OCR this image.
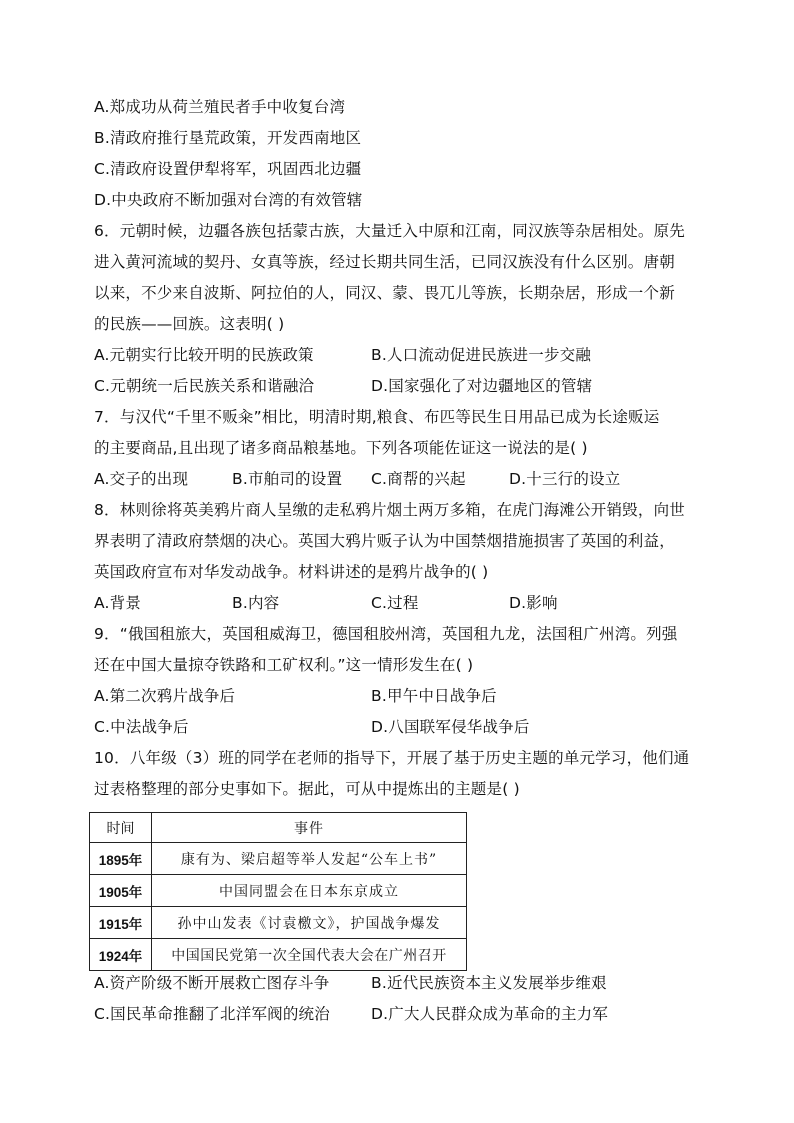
A.郑成功从荷兰殖民者手中收复台湾
B.清政府推行垦荒政策，开发西南地区
C.清政府设置伊犁将军，巩固西北边疆
D.中央政府不断加强对台湾的有效管辖
6．元朝时候，边疆各族包括蒙古族，大量迁入中原和江南，同汉族等杂居相处。原先
进入黄河流域的契丹、女真等族，经过长期共同生活，已同汉族没有什么区别。唐朝
以来，不少来自波斯、阿拉伯的人，同汉、蒙、畏兀儿等族，长期杂居，形成一个新
的民族——回族。这表明( )
A.元朝实行比较开明的民族政策	B.人口流动促进民族进一步交融
C.元朝统一后民族关系和谐融洽	D.国家强化了对边疆地区的管辖
7．与汉代“千里不贩籴”相比，明清时期,粮食、布匹等民生日用品已成为长途贩运
的主要商品,且出现了诸多商品粮基地。下列各项能佐证这一说法的是( )
A.交子的出现	B.市舶司的设置 C.商帮的兴起	D.十三行的设立
8．林则徐将英美鸦片商人呈缴的走私鸦片烟土两万多箱，在虎门海滩公开销毁，向世
界表明了清政府禁烟的决心。英国大鸦片贩子认为中国禁烟措施损害了英国的利益，
英国政府宣布对华发动战争。材料讲述的是鸦片战争的( )
A.背景	B.内容	C.过程	D.影响
9．“俄国租旅大，英国租威海卫，德国租胶州湾，英国租九龙，法国租广州湾。列强
还在中国大量掠夺铁路和工矿权利。”这一情形发生在( )
A.第二次鸦片战争后	B.甲午中日战争后
C.中法战争后	D.八国联军侵华战争后
10．八年级（3）班的同学在老师的指导下，开展了基于历史主题的单元学习，他们通
过表格整理的部分史事如下。据此，可从中提炼出的主题是( )
时间	事件
1895年	康有为、梁启超等举人发起“公车上书”
1905年	中国同盟会在日本东京成立
1915年	孙中山发表《讨袁檄文》，护国战争爆发
1924年	中国国民党第一次全国代表大会在广州召开
A.资产阶级不断开展救亡图存斗争	B.近代民族资本主义发展举步维艰
C.国民革命推翻了北洋军阀的统治	D.广大人民群众成为革命的主力军
